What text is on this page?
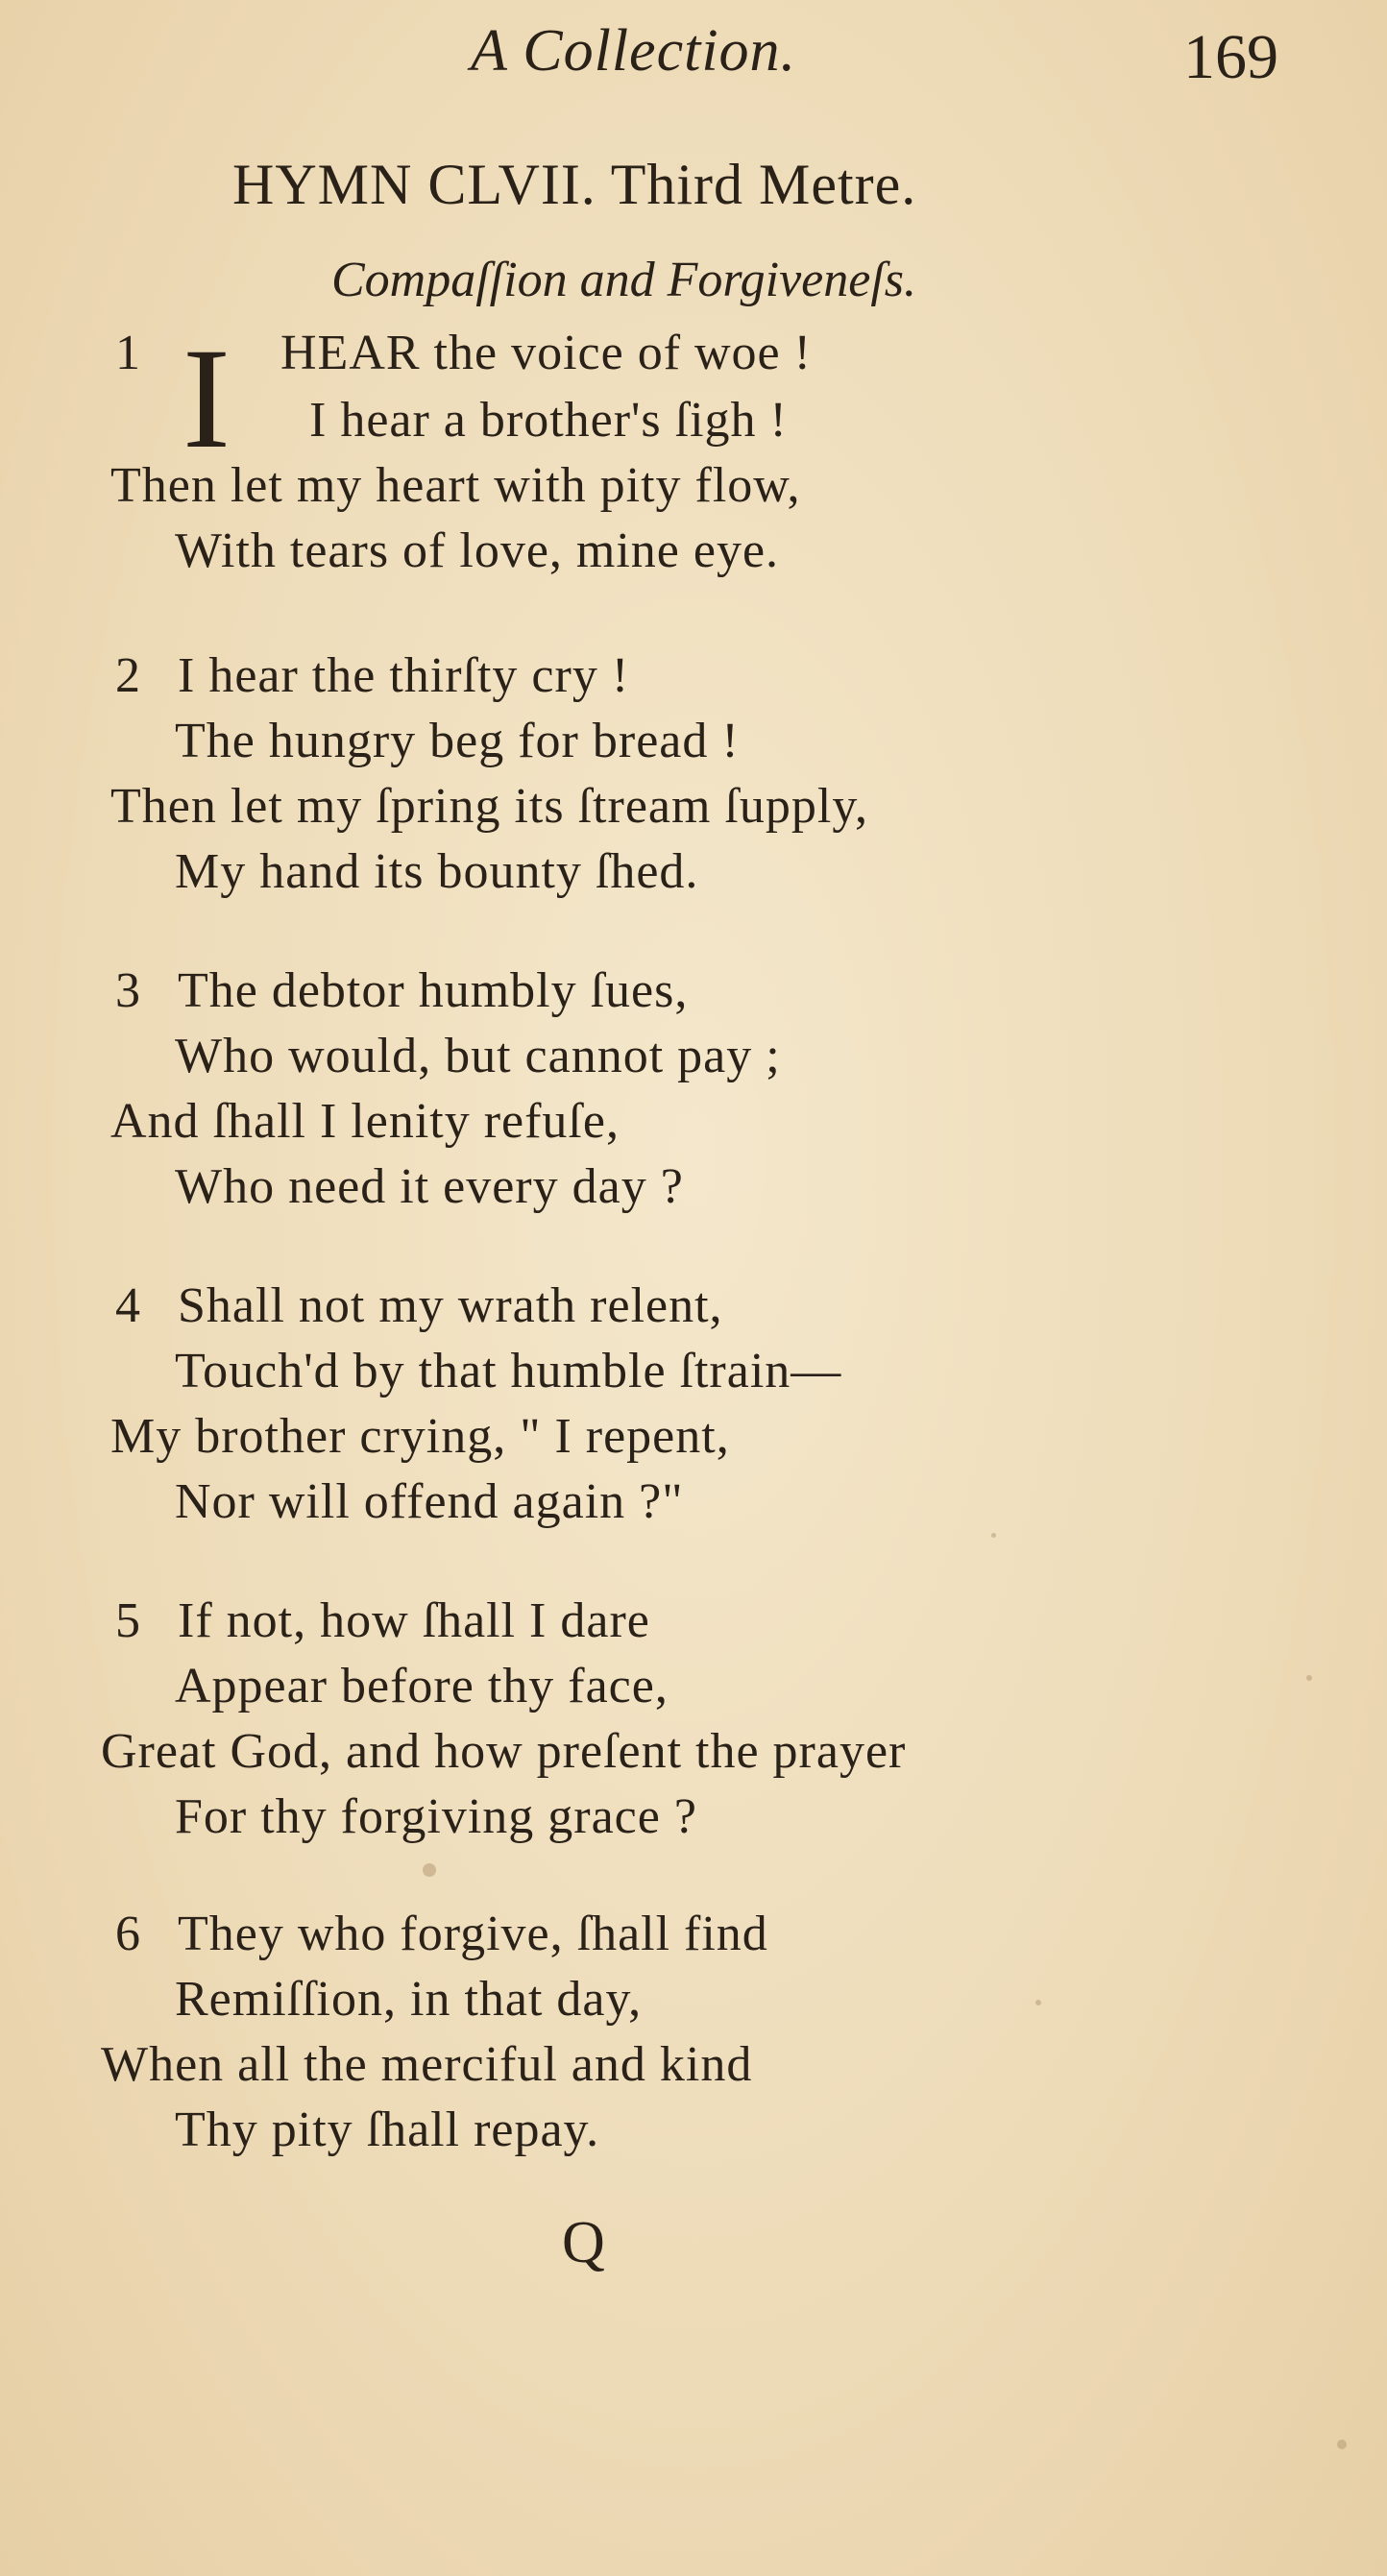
A Collection.	169
HYMN CLVII. Third Metre.
Compaſſion and Forgiveneſs.
1 I HEAR the voice of woe !
I hear a brother's ſigh !
Then let my heart with pity flow,
With tears of love, mine eye.
2 I hear the thirſty cry !
The hungry beg for bread !
Then let my ſpring its ſtream ſupply,
My hand its bounty ſhed.
3 The debtor humbly ſues,
Who would, but cannot pay ;
And ſhall I lenity refuſe,
Who need it every day ?
4 Shall not my wrath relent,
Touch'd by that humble ſtrain—
My brother crying, " I repent,
Nor will offend again ?"
5 If not, how ſhall I dare
Appear before thy face,
Great God, and how preſent the prayer
For thy forgiving grace ?
6 They who forgive, ſhall find
Remiſſion, in that day,
When all the merciful and kind
Thy pity ſhall repay.
Q
